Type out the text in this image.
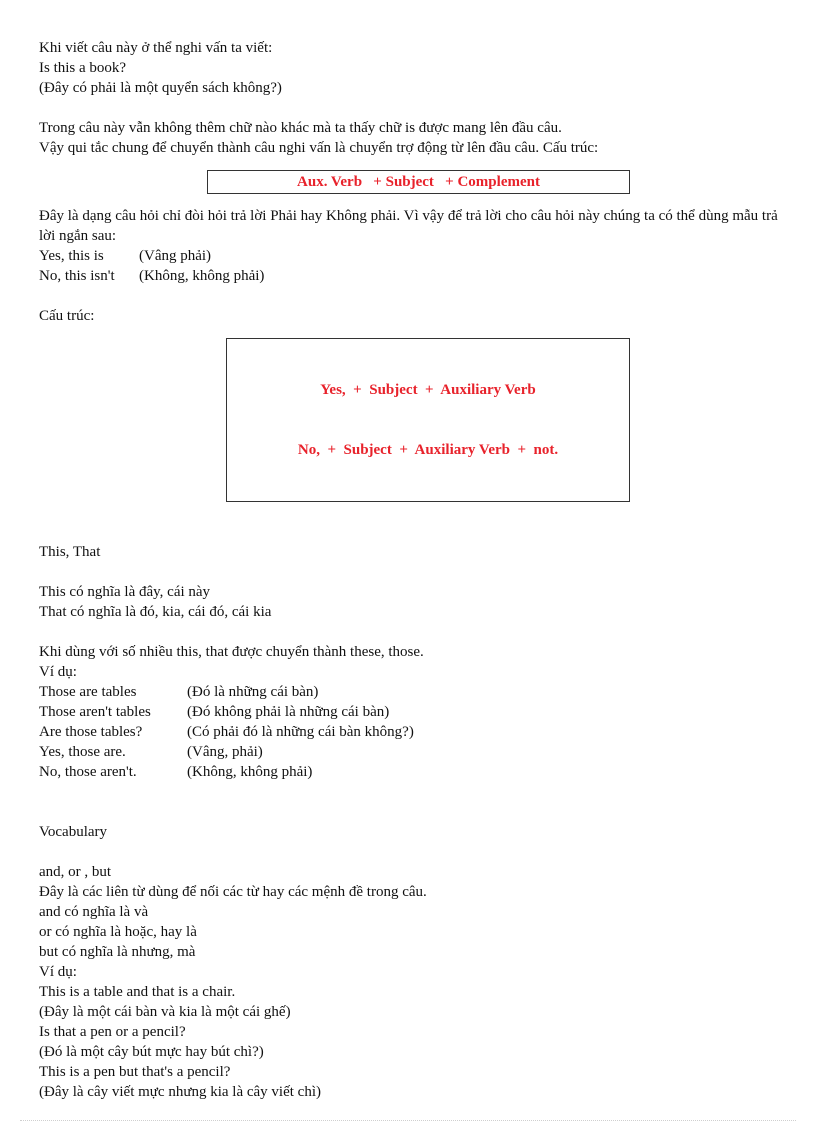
Khi viết câu này ở thể nghi vấn ta viết:
Is this a book?
(Đây có phải là một quyển sách không?)
Trong câu này vẫn không thêm chữ nào khác mà ta thấy chữ is được mang lên đầu câu.
Vậy qui tắc chung để chuyển thành câu nghi vấn là chuyển trợ động từ lên đầu câu. Cấu trúc:
Aux. Verb   + Subject   + Complement
Đây là dạng câu hỏi chỉ đòi hỏi trả lời Phải hay Không phải. Vì vậy để trả lời cho câu hỏi này chúng ta có thể dùng mẫu trả lời ngắn sau:
Yes, this is	(Vâng phải)
No, this isn't	(Không, không phải)
Cấu trúc:

Yes,  +  Subject  +  Auxiliary Verb

No,  +  Subject  +  Auxiliary Verb  +  not.

This, That
This có nghĩa là đây, cái này
That có nghĩa là đó, kia, cái đó, cái kia
Khi dùng với số nhiều this, that được chuyển thành these, those.
Ví dụ:
Those are tables	(Đó là những cái bàn)
Those aren't tables	(Đó không phải là những cái bàn)
Are those tables?	(Có phải đó là những cái bàn không?)
Yes, those are.	(Vâng, phải)
No, those aren't.	(Không, không phải)
Vocabulary
and, or , but
Đây là các liên từ dùng để nối các từ hay các mệnh đề trong câu.
and có nghĩa là và
or có nghĩa là hoặc, hay là
but có nghĩa là nhưng, mà
Ví dụ:
This is a table and that is a chair.
(Đây là một cái bàn và kia là một cái ghế)
Is that a pen or a pencil?
(Đó là một cây bút mực hay bút chì?)
This is a pen but that's a pencil?
(Đây là cây viết mực nhưng kia là cây viết chì)
